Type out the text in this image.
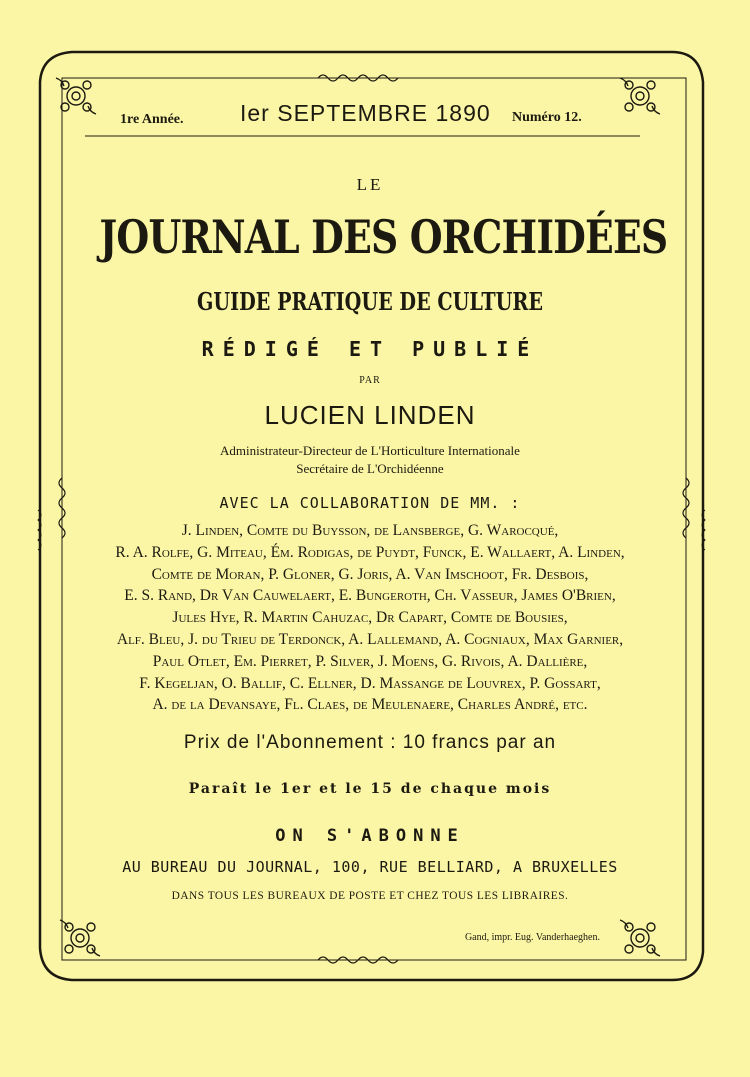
1re Année. Ier SEPTEMBRE 1890 Numéro 12.
LE
JOURNAL DES ORCHIDÉES
GUIDE PRATIQUE DE CULTURE
RÉDIGÉ ET PUBLIÉ
PAR
LUCIEN LINDEN
Administrateur-Directeur de L'Horticulture Internationale
Secrétaire de L'Orchidéenne
AVEC LA COLLABORATION DE MM. :
J. Linden, Comte du Buysson, de Lansberge, G. Warocqué,
R. A. Rolfe, G. Miteau, Ém. Rodigas, de Puydt, Funck, E. Wallaert, A. Linden,
Comte de Moran, P. Gloner, G. Joris, A. Van Imschoot, Fr. Desbois,
E. S. Rand, Dr Van Cauwelaert, E. Bungeroth, Ch. Vasseur, James O'Brien,
Jules Hye, R. Martin Cahuzac, Dr Capart, Comte de Bousies,
Alf. Bleu, J. du Trieu de Terdonck, A. Lallemand, A. Cogniaux, Max Garnier,
Paul Otlet, Em. Pierret, P. Silver, J. Moens, G. Rivois, A. Dallière,
F. Kegeljan, O. Ballif, C. Ellner, D. Massange de Louvrex, P. Gossart,
A. de la Devansaye, Fl. Claes, de Meulenaere, Charles André, etc.
Prix de l'Abonnement : 10 francs par an
Paraît le 1er et le 15 de chaque mois
ON S'ABONNE
AU BUREAU DU JOURNAL, 100, RUE BELLIARD, A BRUXELLES
DANS TOUS LES BUREAUX DE POSTE ET CHEZ TOUS LES LIBRAIRES.
Gand, impr. Eug. Vanderhaeghen.
